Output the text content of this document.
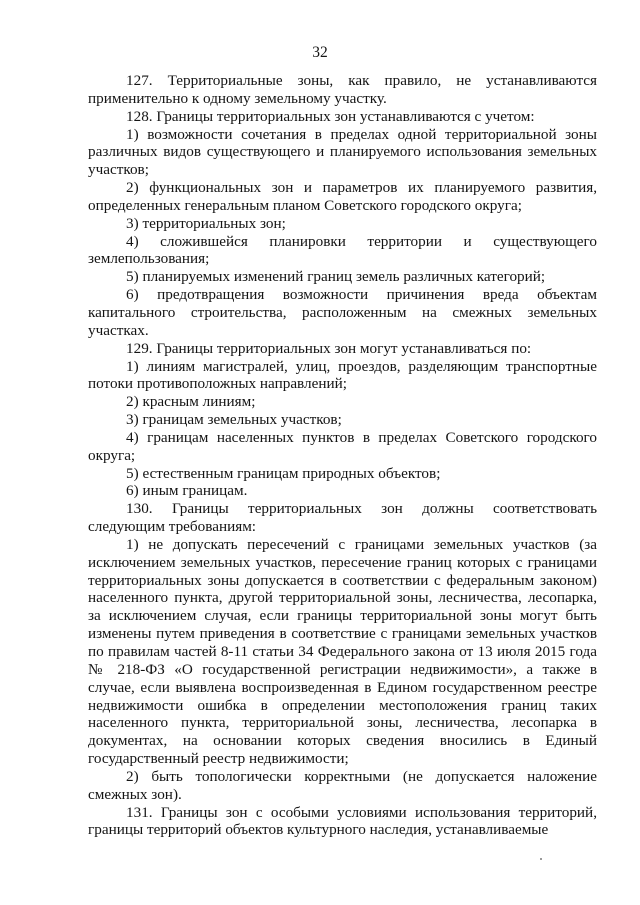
32

127. Территориальные зоны, как правило, не устанавливаются применительно к одному земельному участку.

128. Границы территориальных зон устанавливаются с учетом:

1) возможности сочетания в пределах одной территориальной зоны различных видов существующего и планируемого использования земельных участков;

2) функциональных зон и параметров их планируемого развития, определенных генеральным планом Советского городского округа;

3) территориальных зон;

4) сложившейся планировки территории и существующего землепользования;

5) планируемых изменений границ земель различных категорий;

6) предотвращения возможности причинения вреда объектам капитального строительства, расположенным на смежных земельных участках.

129. Границы территориальных зон могут устанавливаться по:

1) линиям магистралей, улиц, проездов, разделяющим транспортные потоки противоположных направлений;

2) красным линиям;

3) границам земельных участков;

4) границам населенных пунктов в пределах Советского городского округа;

5) естественным границам природных объектов;

6) иным границам.

130. Границы территориальных зон должны соответствовать следующим требованиям:

1) не допускать пересечений с границами земельных участков (за исключением земельных участков, пересечение границ которых с границами территориальных зоны допускается в соответствии с федеральным законом) населенного пункта, другой территориальной зоны, лесничества, лесопарка, за исключением случая, если границы территориальной зоны могут быть изменены путем приведения в соответствие с границами земельных участков по правилам частей 8-11 статьи 34 Федерального закона от 13 июля 2015 года № 218-ФЗ «О государственной регистрации недвижимости», а также в случае, если выявлена воспроизведенная в Едином государственном реестре недвижимости ошибка в определении местоположения границ таких населенного пункта, территориальной зоны, лесничества, лесопарка в документах, на основании которых сведения вносились в Единый государственный реестр недвижимости;

2) быть топологически корректными (не допускается наложение смежных зон).

131. Границы зон с особыми условиями использования территорий, границы территорий объектов культурного наследия, устанавливаемые
